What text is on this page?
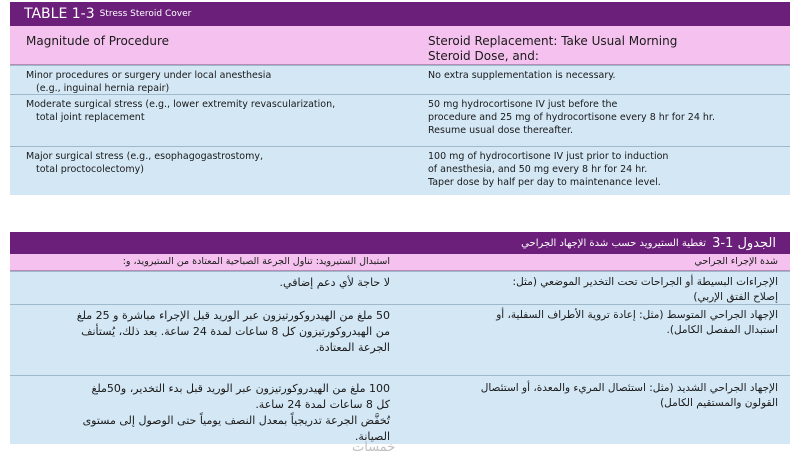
TABLE 1-3 Stress Steroid Cover
Magnitude of Procedure	Steroid Replacement: Take Usual Morning
Steroid Dose, and:
Minor procedures or surgery under local anesthesia
(e.g., inguinal hernia repair)
No extra supplementation is necessary.
Moderate surgical stress (e.g., lower extremity revascularization,
total joint replacement
50 mg hydrocortisone IV just before the
procedure and 25 mg of hydrocortisone every 8 hr for 24 hr.
Resume usual dose thereafter.
Major surgical stress (e.g., esophagogastrostomy,
total proctocolectomy)
100 mg of hydrocortisone IV just prior to induction
of anesthesia, and 50 mg every 8 hr for 24 hr.
Taper dose by half per day to maintenance level.
الجدول 1-3
تغطية الستيرويد حسب شدة الإجهاد الجراحي
شدة الإجراء الجراحي
استبدال الستيرويد: تناول الجرعة الصباحية المعتادة من الستيرويد، و:
الإجراءات البسيطة أو الجراحات تحت التخدير الموضعي (مثل:
إصلاح الفتق الإربي)
لا حاجة لأي دعم إضافي.
الإجهاد الجراحي المتوسط (مثل: إعادة تروية الأطراف السفلية، أو
استبدال المفصل الكامل).
50 ملغ من الهيدروكورتيزون عبر الوريد قبل الإجراء مباشرة و 25 ملغ
من الهيدروكورتيزون كل 8 ساعات لمدة 24 ساعة. بعد ذلك، يُستأنف
الجرعة المعتادة.
الإجهاد الجراحي الشديد (مثل: استئصال المريء والمعدة، أو استئصال
القولون والمستقيم الكامل)
100 ملغ من الهيدروكورتيزون عبر الوريد قبل بدء التخدير، و50ملغ
كل 8 ساعات لمدة 24 ساعة.
تُخفَّض الجرعة تدريجياً بمعدل النصف يومياً حتى الوصول إلى مستوى
الصيانة.
خمسات
